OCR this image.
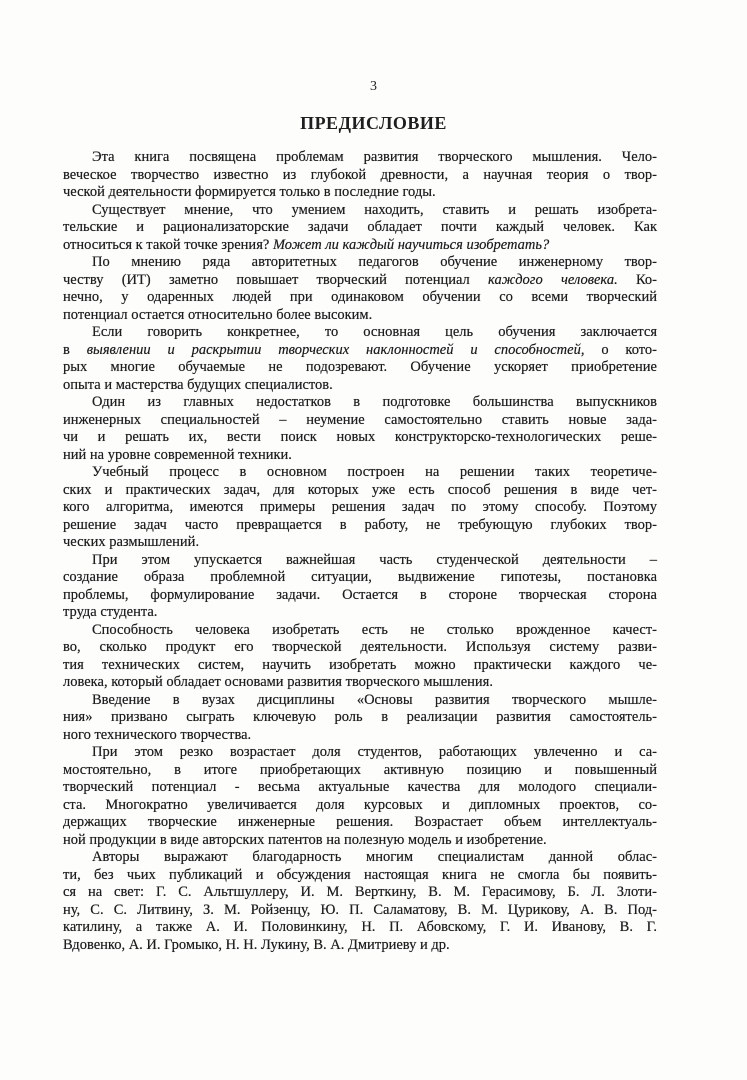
3
ПРЕДИСЛОВИЕ
Эта книга посвящена проблемам развития творческого мышления. Чело-
веческое творчество известно из глубокой древности, а научная теория о твор-
ческой деятельности формируется только в последние годы.
Существует мнение, что умением находить, ставить и решать изобрета-
тельские и рационализаторские задачи обладает почти каждый человек. Как
относиться к такой точке зрения? Может ли каждый научиться изобретать?
По мнению ряда авторитетных педагогов обучение инженерному твор-
честву (ИТ) заметно повышает творческий потенциал каждого человека. Ко-
нечно, у одаренных людей при одинаковом обучении со всеми творческий
потенциал остается относительно более высоким.
Если говорить конкретнее, то основная цель обучения заключается
в выявлении и раскрытии творческих наклонностей и способностей, о кото-
рых многие обучаемые не подозревают. Обучение ускоряет приобретение
опыта и мастерства будущих специалистов.
Один из главных недостатков в подготовке большинства выпускников
инженерных специальностей – неумение самостоятельно ставить новые зада-
чи и решать их, вести поиск новых конструкторско-технологических реше-
ний на уровне современной техники.
Учебный процесс в основном построен на решении таких теоретиче-
ских и практических задач, для которых уже есть способ решения в виде чет-
кого алгоритма, имеются примеры решения задач по этому способу. Поэтому
решение задач часто превращается в работу, не требующую глубоких твор-
ческих размышлений.
При этом упускается важнейшая часть студенческой деятельности –
создание образа проблемной ситуации, выдвижение гипотезы, постановка
проблемы, формулирование задачи. Остается в стороне творческая сторона
труда студента.
Способность человека изобретать есть не столько врожденное качест-
во, сколько продукт его творческой деятельности. Используя систему разви-
тия технических систем, научить изобретать можно практически каждого че-
ловека, который обладает основами развития творческого мышления.
Введение в вузах дисциплины «Основы развития творческого мышле-
ния» призвано сыграть ключевую роль в реализации развития самостоятель-
ного технического творчества.
При этом резко возрастает доля студентов, работающих увлеченно и са-
мостоятельно, в итоге приобретающих активную позицию и повышенный
творческий потенциал - весьма актуальные качества для молодого специали-
ста. Многократно увеличивается доля курсовых и дипломных проектов, со-
держащих творческие инженерные решения. Возрастает объем интеллектуаль-
ной продукции в виде авторских патентов на полезную модель и изобретение.
Авторы выражают благодарность многим специалистам данной облас-
ти, без чьих публикаций и обсуждения настоящая книга не смогла бы появить-
ся на свет: Г. С. Альтшуллеру, И. М. Верткину, В. М. Герасимову, Б. Л. Злоти-
ну, С. С. Литвину, З. М. Ройзенцу, Ю. П. Саламатову, В. М. Цурикову, А. В. Под-
катилину, а также А. И. Половинкину, Н. П. Абовскому, Г. И. Иванову, В. Г.
Вдовенко, А. И. Громыко, Н. Н. Лукину, В. А. Дмитриеву и др.
